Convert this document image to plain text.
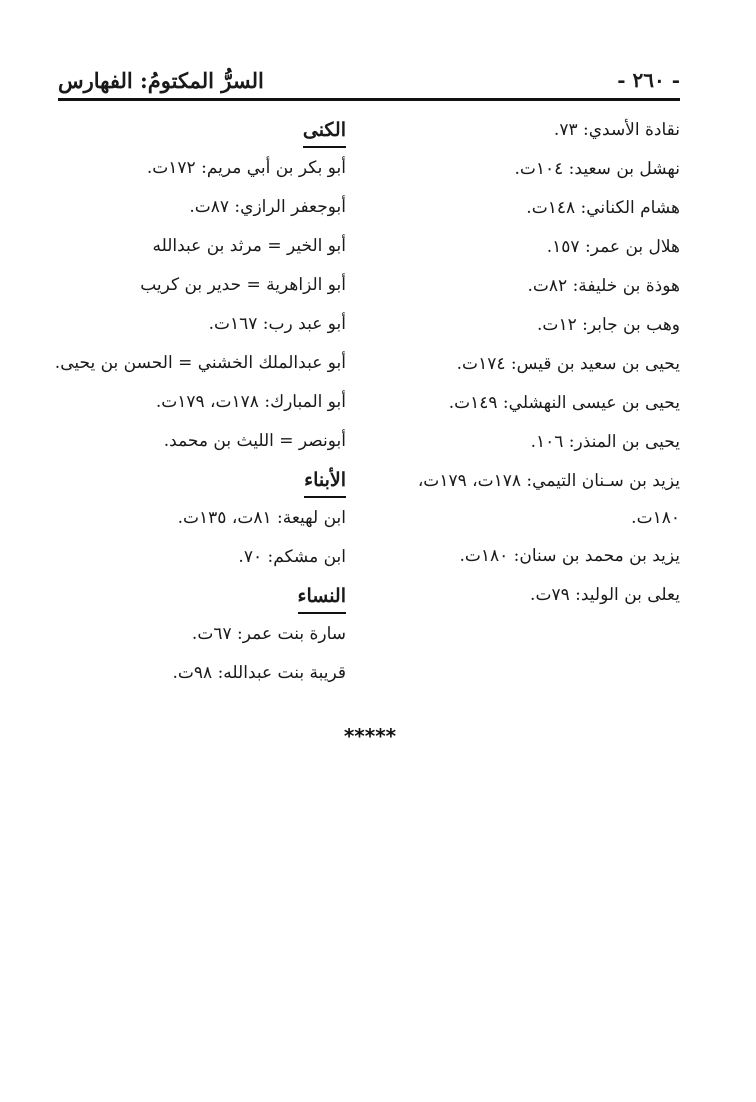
السرُّ المكتومُ: الفهارس	- ٢٦٠ -
نقادة الأسدي: ٧٣.
نهشل بن سعيد: ١٠٤ت.
هشام الكناني: ١٤٨ت.
هلال بن عمر: ١٥٧.
هوذة بن خليفة: ٨٢ت.
وهب بن جابر: ١٢ت.
يحيى بن سعيد بن قيس: ١٧٤ت.
يحيى بن عيسى النهشلي: ١٤٩ت.
يحيى بن المنذر: ١٠٦.
يزيد بن سـنان التيمي: ١٧٨ت، ١٧٩ت،
١٨٠ت.
يزيد بن محمد بن سنان: ١٨٠ت.
يعلى بن الوليد: ٧٩ت.
الكنى
أبو بكر بن أبي مريم: ١٧٢ت.
أبوجعفر الرازي: ٨٧ت.
أبو الخير = مرثد بن عبدالله
أبو الزاهرية = حدير بن كريب
أبو عبد رب: ١٦٧ت.
أبو عبدالملك الخشني = الحسن بن يحيى.
أبو المبارك: ١٧٨ت، ١٧٩ت.
أبونصر = الليث بن محمد.
الأبناء
ابن لهيعة: ٨١ت، ١٣٥ت.
ابن مشكم: ٧٠.
النساء
سارة بنت عمر: ٦٧ت.
قريبة بنت عبدالله: ٩٨ت.
*****
